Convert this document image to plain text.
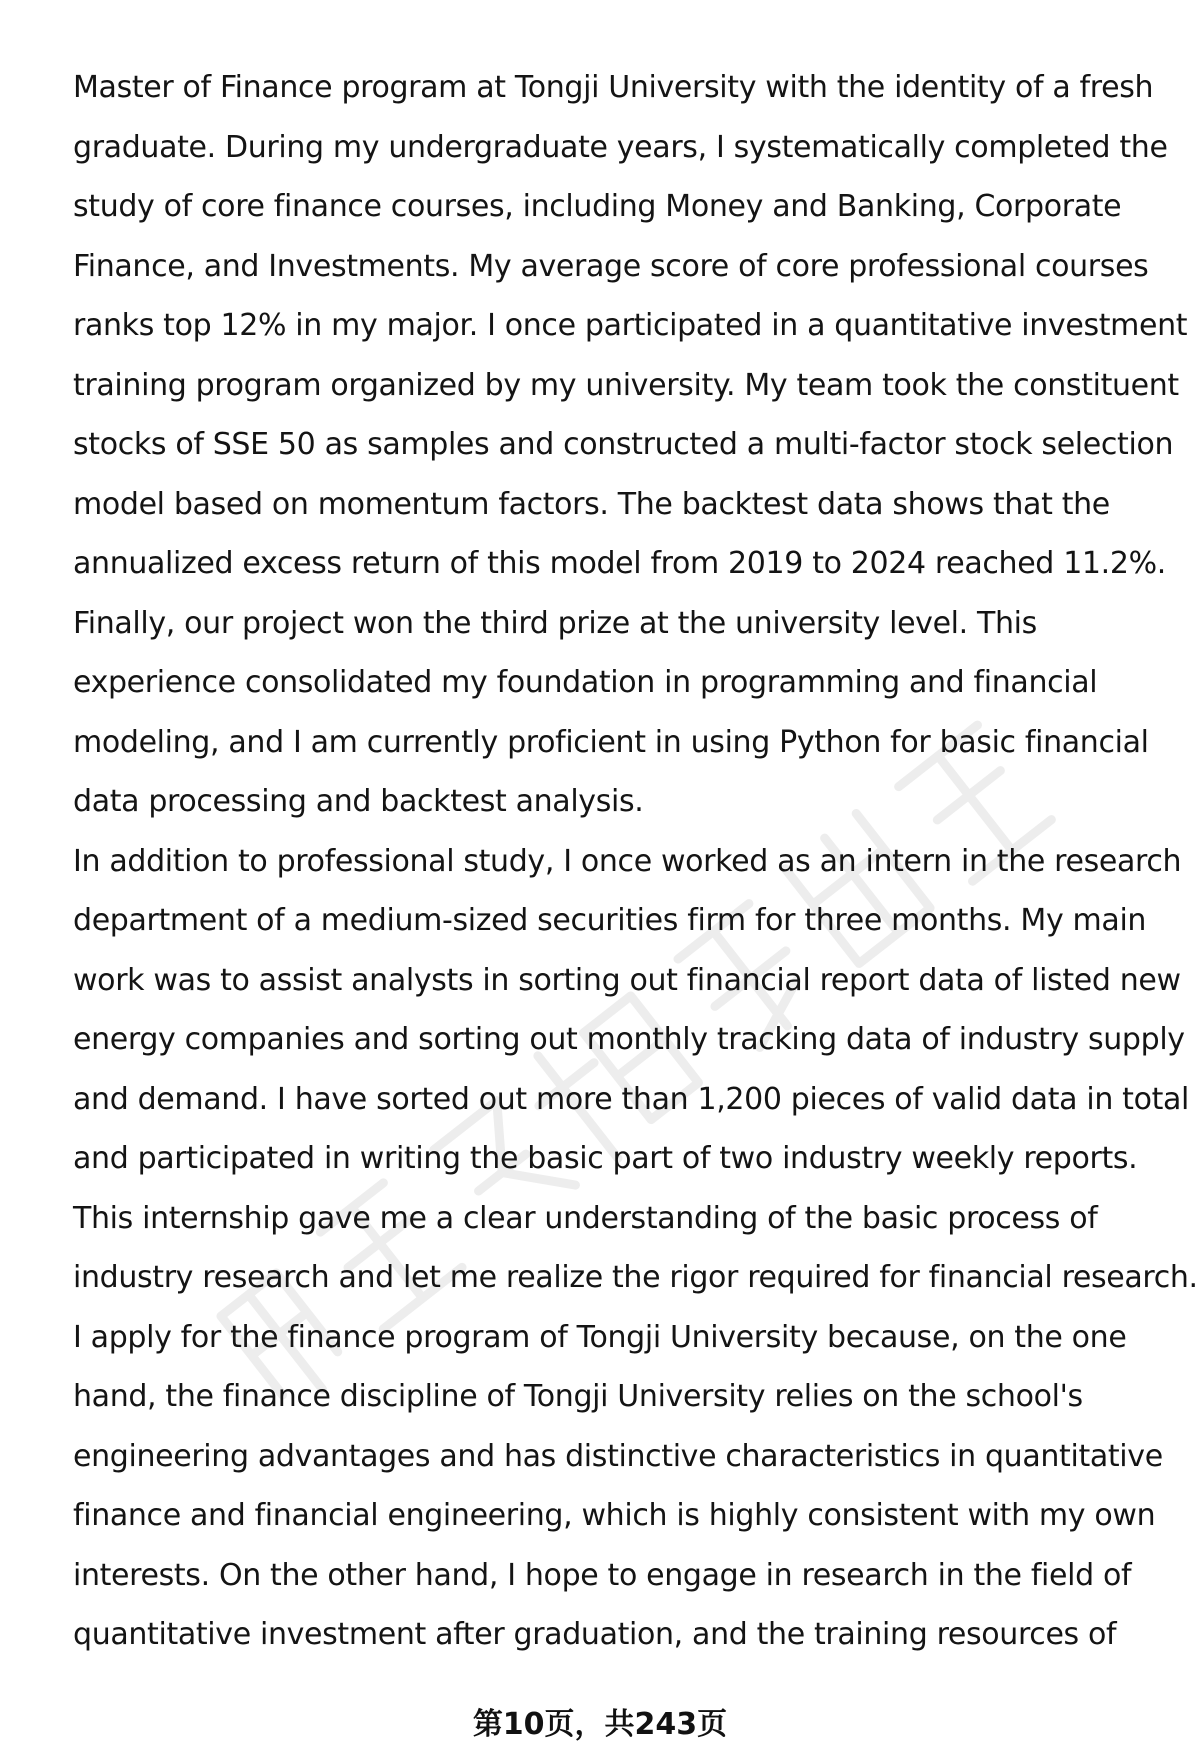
Master of Finance program at Tongji University with the identity of a fresh
graduate. During my undergraduate years, I systematically completed the
study of core finance courses, including Money and Banking, Corporate
Finance, and Investments. My average score of core professional courses
ranks top 12% in my major. I once participated in a quantitative investment
training program organized by my university. My team took the constituent
stocks of SSE 50 as samples and constructed a multi-factor stock selection
model based on momentum factors. The backtest data shows that the
annualized excess return of this model from 2019 to 2024 reached 11.2%.
Finally, our project won the third prize at the university level. This
experience consolidated my foundation in programming and financial
modeling, and I am currently proficient in using Python for basic financial
data processing and backtest analysis.
In addition to professional study, I once worked as an intern in the research
department of a medium-sized securities firm for three months. My main
work was to assist analysts in sorting out financial report data of listed new
energy companies and sorting out monthly tracking data of industry supply
and demand. I have sorted out more than 1,200 pieces of valid data in total
and participated in writing the basic part of two industry weekly reports.
This internship gave me a clear understanding of the basic process of
industry research and let me realize the rigor required for financial research.
I apply for the finance program of Tongji University because, on the one
hand, the finance discipline of Tongji University relies on the school's
engineering advantages and has distinctive characteristics in quantitative
finance and financial engineering, which is highly consistent with my own
interests. On the other hand, I hope to engage in research in the field of
quantitative investment after graduation, and the training resources of
第10页，共243页
